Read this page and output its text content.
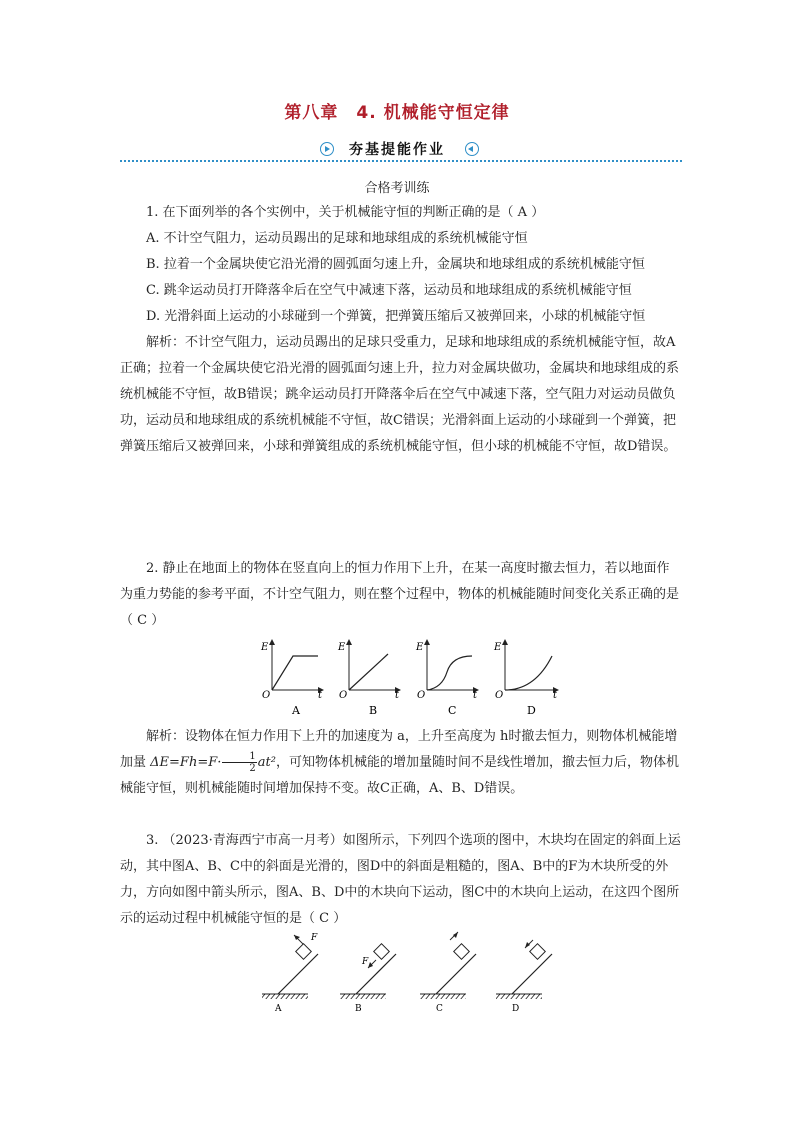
第八章　4. 机械能守恒定律
夯基提能作业
合格考训练

1. 在下面列举的各个实例中，关于机械能守恒的判断正确的是（ A ）

A. 不计空气阻力，运动员踢出的足球和地球组成的系统机械能守恒

B. 拉着一个金属块使它沿光滑的圆弧面匀速上升，金属块和地球组成的系统机械能守恒

C. 跳伞运动员打开降落伞后在空气中减速下落，运动员和地球组成的系统机械能守恒

D. 光滑斜面上运动的小球碰到一个弹簧，把弹簧压缩后又被弹回来，小球的机械能守恒

解析：不计空气阻力，运动员踢出的足球只受重力，足球和地球组成的系统机械能守恒，故A正确；拉着一个金属块使它沿光滑的圆弧面匀速上升，拉力对金属块做功，金属块和地球组成的系统机械能不守恒，故B错误；跳伞运动员打开降落伞后在空气中减速下落，空气阻力对运动员做负功，运动员和地球组成的系统机械能不守恒，故C错误；光滑斜面上运动的小球碰到一个弹簧，把弹簧压缩后又被弹回来，小球和弹簧组成的系统机械能守恒，但小球的机械能不守恒，故D错误。

2. 静止在地面上的物体在竖直向上的恒力作用下上升，在某一高度时撤去恒力，若以地面作为重力势能的参考平面，不计空气阻力，则在整个过程中，物体的机械能随时间变化关系正确的是（ C ）

E
O	t
A
E
O	t
B
E
O	t
C
E
O	t
D

解析：设物体在恒力作用下上升的加速度为 a，上升至高度为 h时撤去恒力，则物体机械能增加量 $\Delta E=Fh=F\cdot \frac{1}{2} at^2$，可知物体机械能的增加量随时间不是线性增加，撤去恒力后，物体机械能守恒，则机械能随时间增加保持不变。故C正确，A、B、D错误。

3. （2023·青海西宁市高一月考）如图所示，下列四个选项的图中，木块均在固定的斜面上运动，其中图A、B、C中的斜面是光滑的，图D中的斜面是粗糙的，图A、B中的F为木块所受的外力，方向如图中箭头所示，图A、B、D中的木块向下运动，图C中的木块向上运动，在这四个图所示的运动过程中机械能守恒的是（ C ）

F
A
F
B	C	D
